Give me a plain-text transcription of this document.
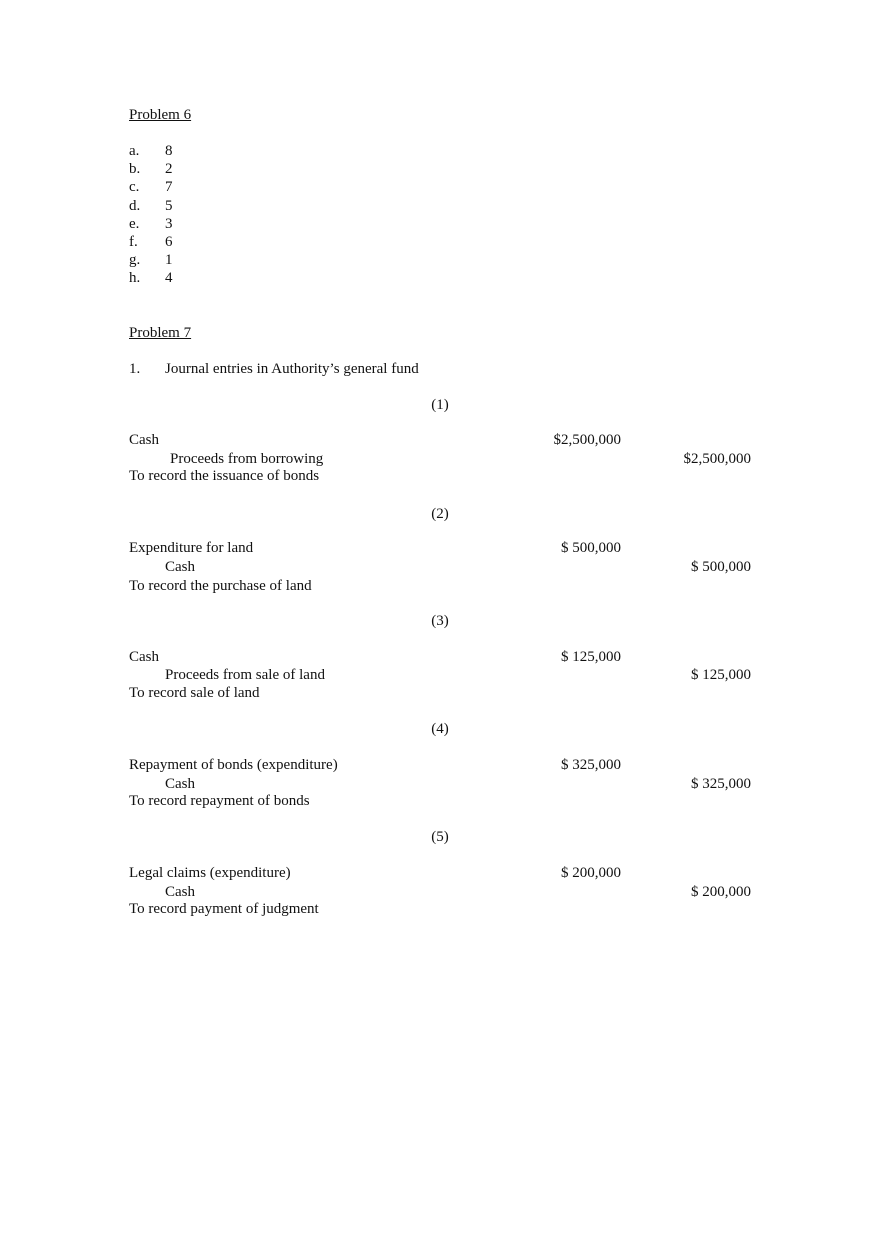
Problem 6
a. 8
b. 2
c. 7
d. 5
e. 3
f. 6
g. 1
h. 4
Problem 7
1. Journal entries in Authority’s general fund
(1)
Cash	$2,500,000
Proceeds from borrowing	$2,500,000
To record the issuance of bonds
(2)
Expenditure for land	$ 500,000
Cash	$ 500,000
To record the purchase of land
(3)
Cash	$ 125,000
Proceeds from sale of land	$ 125,000
To record sale of land
(4)
Repayment of bonds (expenditure)	$ 325,000
Cash	$ 325,000
To record repayment of bonds
(5)
Legal claims (expenditure)	$ 200,000
Cash	$ 200,000
To record payment of judgment
